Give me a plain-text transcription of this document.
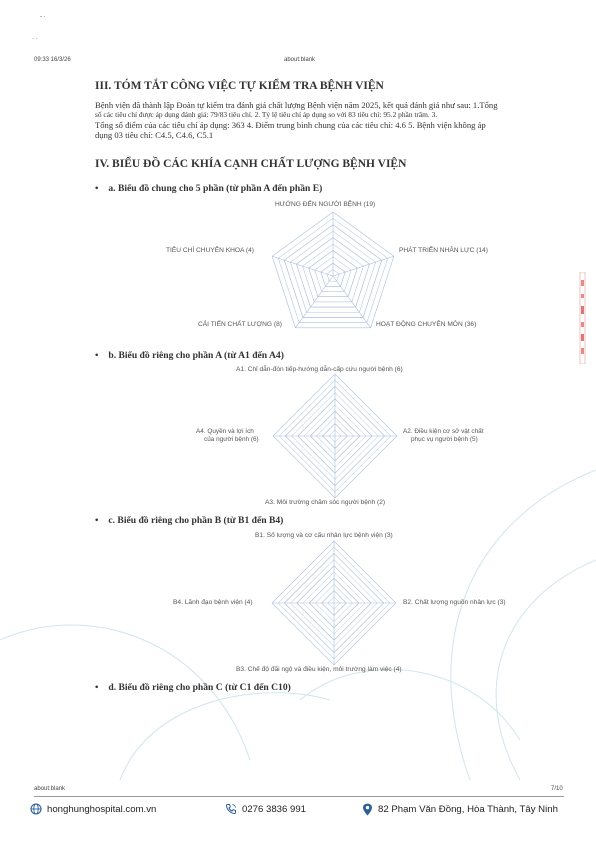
- ·
· ·
09:33 16/3/26	about:blank
III. TÓM TẮT CÔNG VIỆC TỰ KIỂM TRA BỆNH VIỆN
Bệnh viện đã thành lập Đoàn tự kiểm tra đánh giá chất lượng Bệnh viện năm 2025, kết quả đánh giá như sau: 1.Tổng
số các tiêu chí được áp dụng đánh giá: 79/83 tiêu chí. 2. Tỷ lệ tiêu chí áp dụng so với 83 tiêu chí: 95.2 phần trăm. 3.
Tổng số điểm của các tiêu chí áp dụng: 363 4. Điểm trung bình chung của các tiêu chí: 4.6 5. Bệnh viện không áp
dụng 03 tiêu chí: C4.5, C4.6, C5.1
IV. BIỂU ĐỒ CÁC KHÍA CẠNH CHẤT LƯỢNG BỆNH VIỆN
• a. Biểu đồ chung cho 5 phần (từ phần A đến phần E)
HƯỚNG ĐẾN NGƯỜI BỆNH (19)
PHÁT TRIỂN NHÂN LỰC (14)
HOẠT ĐỘNG CHUYÊN MÔN (36)
CẢI TIẾN CHẤT LƯỢNG (8)
TIÊU CHÍ CHUYÊN KHOA (4)
• b. Biểu đồ riêng cho phần A (từ A1 đến A4)
A1. Chỉ dẫn-đón tiếp-hướng dẫn-cấp cứu người bệnh (6)
A2. Điều kiện cơ sở vật chất
phục vụ người bệnh (5)
A3. Môi trường chăm sóc người bệnh (2)
A4. Quyền và lợi ích
của người bệnh (6)
• c. Biểu đồ riêng cho phần B (từ B1 đến B4)
B1. Số lượng và cơ cấu nhân lực bệnh viện (3)
B2. Chất lượng nguồn nhân lực (3)
B3. Chế độ đãi ngộ và điều kiện, môi trường làm việc (4)
B4. Lãnh đạo bệnh viện (4)
• d. Biểu đồ riêng cho phần C (từ C1 đến C10)
about:blank	7/10
honghunghospital.com.vn	0276 3836 991	82 Phạm Văn Đồng, Hòa Thành, Tây Ninh
